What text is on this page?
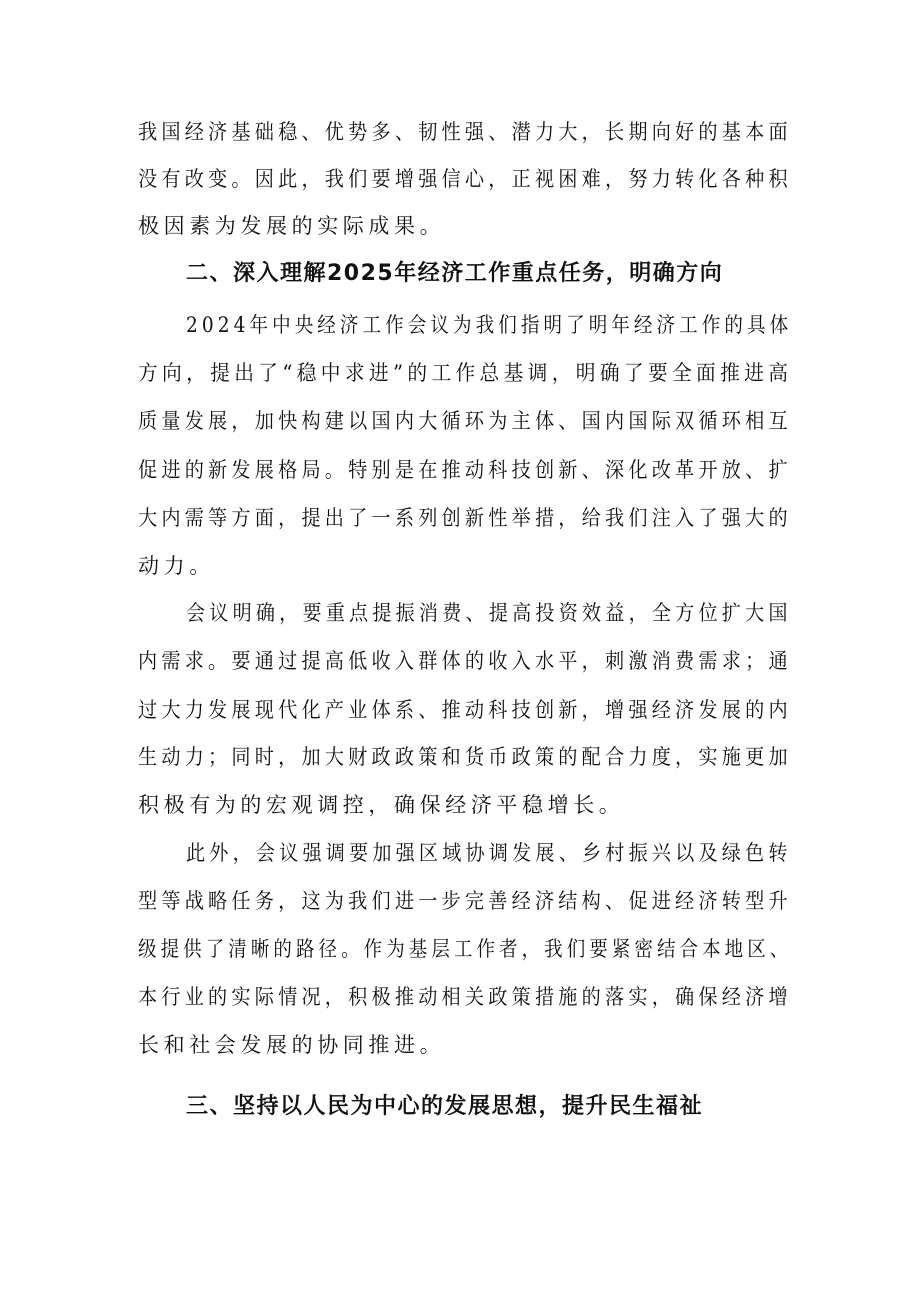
我国经济基础稳、优势多、韧性强、潜力大，长期向好的基本面
没有改变。因此，我们要增强信心，正视困难，努力转化各种积
极因素为发展的实际成果。
二、深入理解2025年经济工作重点任务，明确方向
2024年中央经济工作会议为我们指明了明年经济工作的具体
方向，提出了“稳中求进”的工作总基调，明确了要全面推进高
质量发展，加快构建以国内大循环为主体、国内国际双循环相互
促进的新发展格局。特别是在推动科技创新、深化改革开放、扩
大内需等方面，提出了一系列创新性举措，给我们注入了强大的
动力。
会议明确，要重点提振消费、提高投资效益，全方位扩大国
内需求。要通过提高低收入群体的收入水平，刺激消费需求；通
过大力发展现代化产业体系、推动科技创新，增强经济发展的内
生动力；同时，加大财政政策和货币政策的配合力度，实施更加
积极有为的宏观调控，确保经济平稳增长。
此外，会议强调要加强区域协调发展、乡村振兴以及绿色转
型等战略任务，这为我们进一步完善经济结构、促进经济转型升
级提供了清晰的路径。作为基层工作者，我们要紧密结合本地区、
本行业的实际情况，积极推动相关政策措施的落实，确保经济增
长和社会发展的协同推进。
三、坚持以人民为中心的发展思想，提升民生福祉
